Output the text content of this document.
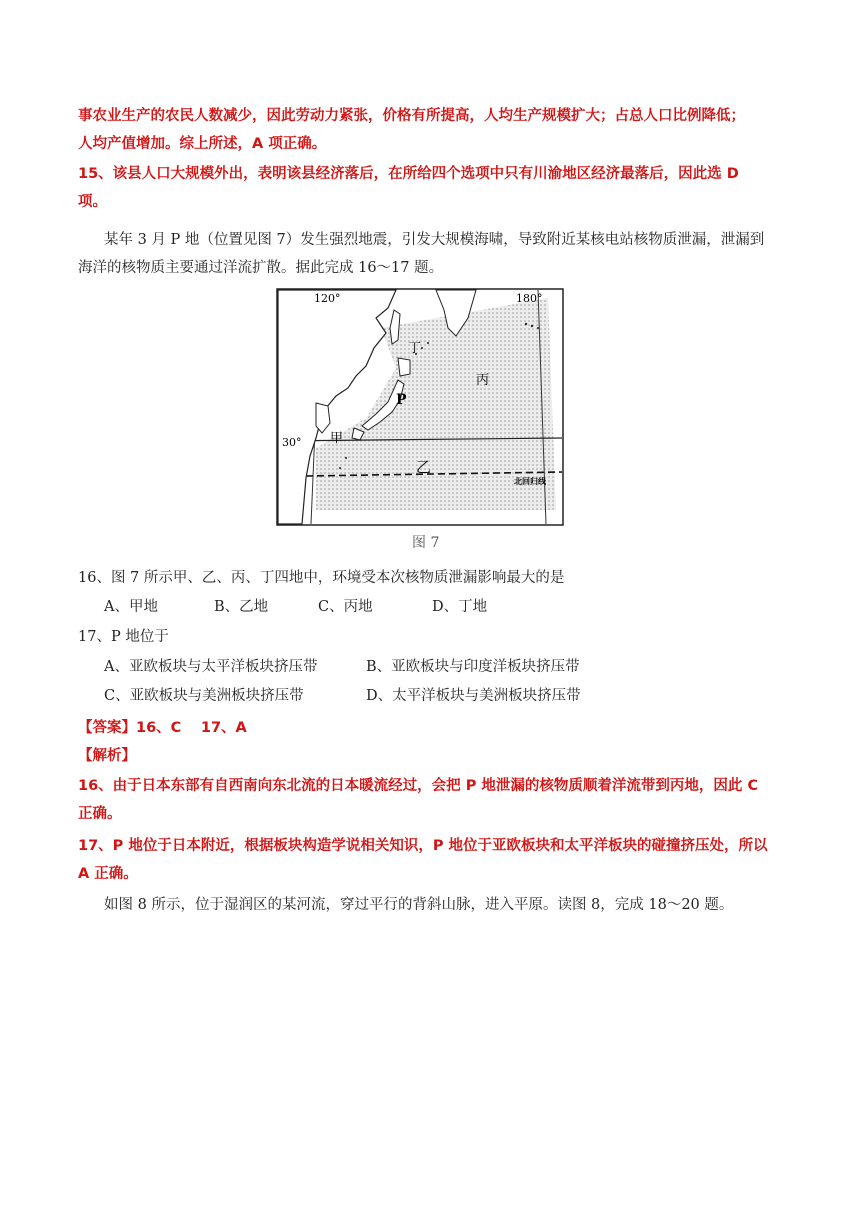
事农业生产的农民人数减少，因此劳动力紧张，价格有所提高，人均生产规模扩大；占总人口比例降低；
人均产值增加。综上所述，A 项正确。
15、该县人口大规模外出，表明该县经济落后，在所给四个选项中只有川渝地区经济最落后，因此选 D
项。
某年 3 月 P 地（位置见图 7）发生强烈地震，引发大规模海啸，导致附近某核电站核物质泄漏，泄漏到
海洋的核物质主要通过洋流扩散。据此完成 16～17 题。
120°	180°
30°
丁
丙
P
甲
乙
北回归线
图 7
16、图 7 所示甲、乙、丙、丁四地中，环境受本次核物质泄漏影响最大的是
A、甲地	B、乙地	C、丙地	D、丁地
17、P 地位于
A、亚欧板块与太平洋板块挤压带	B、亚欧板块与印度洋板块挤压带
C、亚欧板块与美洲板块挤压带	D、太平洋板块与美洲板块挤压带
【答案】16、C　 17、A
【解析】
16、由于日本东部有自西南向东北流的日本暖流经过，会把 P 地泄漏的核物质顺着洋流带到丙地，因此 C
正确。
17、P 地位于日本附近，根据板块构造学说相关知识，P 地位于亚欧板块和太平洋板块的碰撞挤压处，所以
A 正确。
如图 8 所示，位于湿润区的某河流，穿过平行的背斜山脉，进入平原。读图 8，完成 18～20 题。
